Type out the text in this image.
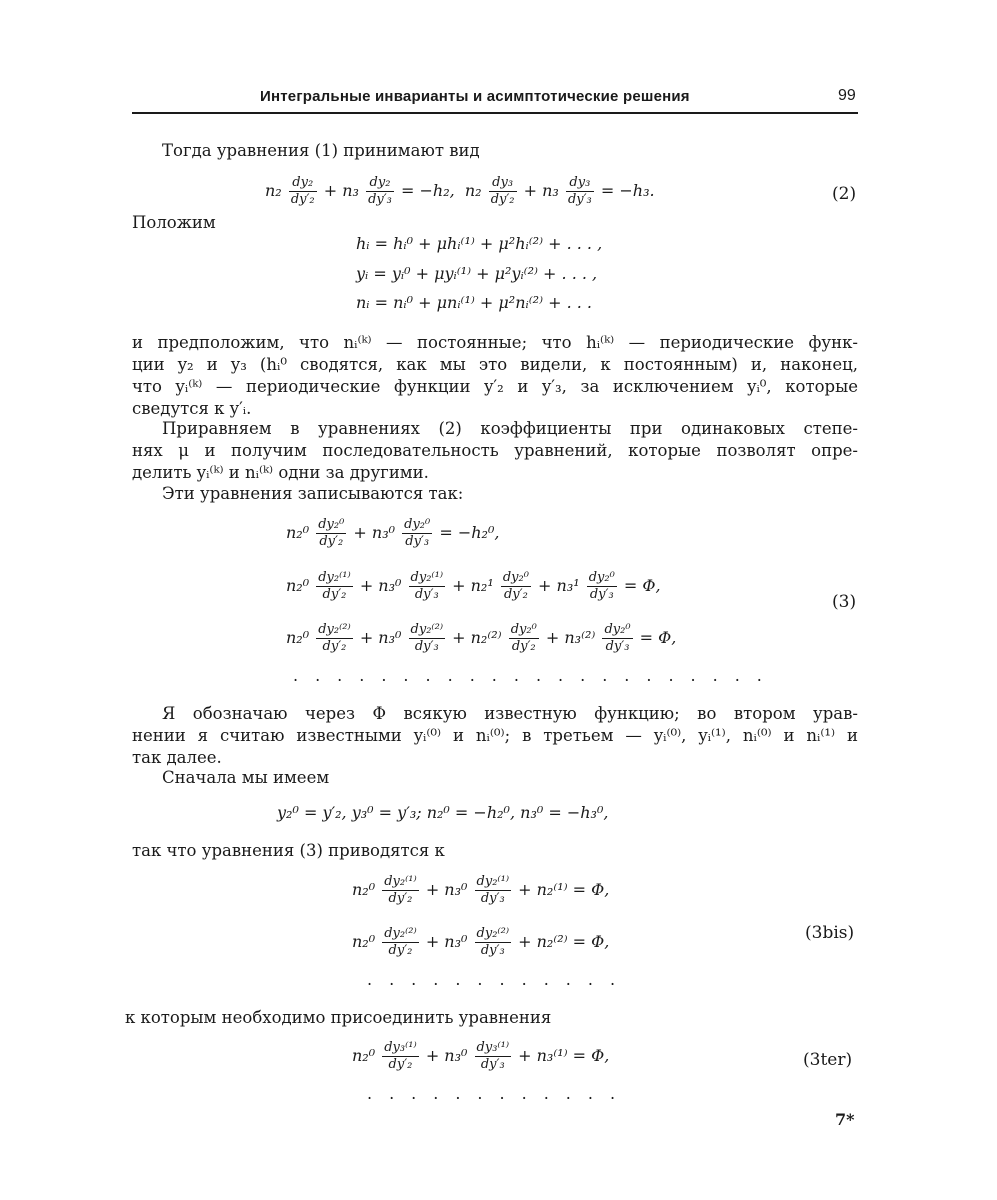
Интегральные инварианты и асимптотические решения	99
Тогда уравнения (1) принимают вид
$n_2 \frac{\text{dy₂}}{\text{dy′₂}} + n_3 \frac{\text{dy₂}}{\text{dy′₃}} = -h_2$, $n_2 \frac{\text{dy₃}}{\text{dy′₂}} + n_3 \frac{\text{dy₃}}{\text{dy′₃}} = -h_3$.	(2)
Положим
hᵢ = hᵢ⁰ + μhᵢ⁽¹⁾ + μ²hᵢ⁽²⁾ + . . . ,
yᵢ = yᵢ⁰ + μyᵢ⁽¹⁾ + μ²yᵢ⁽²⁾ + . . . ,
nᵢ = nᵢ⁰ + μnᵢ⁽¹⁾ + μ²nᵢ⁽²⁾ + . . .
и предположим, что nᵢ⁽ᵏ⁾ — постоянные; что hᵢ⁽ᵏ⁾ — периодические функ-
ции y₂ и y₃ (hᵢ⁰ сводятся, как мы это видели, к постоянным) и, наконец,
что yᵢ⁽ᵏ⁾ — периодические функции y′₂ и y′₃, за исключением yᵢ⁰, которые
сведутся к y′ᵢ.
Приравняем в уравнениях (2) коэффициенты при одинаковых степе-
нях μ и получим последовательность уравнений, которые позволят опре-
делить yᵢ⁽ᵏ⁾ и nᵢ⁽ᵏ⁾ одни за другими.
Эти уравнения записываются так:
$n_2^0 \frac{\text{dy₂⁰}}{\text{dy′₂}} + n_3^0 \frac{\text{dy₂⁰}}{\text{dy′₃}} = -h_2^0$,
$n_2^0 \frac{\text{dy₂⁽¹⁾}}{\text{dy′₂}} + n_3^0 \frac{\text{dy₂⁽¹⁾}}{\text{dy′₃}} + n_2^1 \frac{\text{dy₂⁰}}{\text{dy′₂}} + n_3^1 \frac{\text{dy₂⁰}}{\text{dy′₃}} = \Phi$,
$n_2^0 \frac{\text{dy₂⁽²⁾}}{\text{dy′₂}} + n_3^0 \frac{\text{dy₂⁽²⁾}}{\text{dy′₃}} + n_2^{(2)} \frac{\text{dy₂⁰}}{\text{dy′₂}} + n_3^{(2)} \frac{\text{dy₂⁰}}{\text{dy′₃}} = \Phi$,
......................
(3)
Я обозначаю через Φ всякую известную функцию; во втором урав-
нении я считаю известными yᵢ⁽⁰⁾ и nᵢ⁽⁰⁾; в третьем — yᵢ⁽⁰⁾, yᵢ⁽¹⁾, nᵢ⁽⁰⁾ и nᵢ⁽¹⁾ и
так далее.
Сначала мы имеем
y₂⁰ = y′₂, y₃⁰ = y′₃; n₂⁰ = −h₂⁰, n₃⁰ = −h₃⁰,
так что уравнения (3) приводятся к
$n_2^0 \frac{\text{dy₂⁽¹⁾}}{\text{dy′₂}} + n_3^0 \frac{\text{dy₂⁽¹⁾}}{\text{dy′₃}} + n_2^{(1)} = \Phi$,
$n_2^0 \frac{\text{dy₂⁽²⁾}}{\text{dy′₂}} + n_3^0 \frac{\text{dy₂⁽²⁾}}{\text{dy′₃}} + n_2^{(2)} = \Phi$,
............
(3bis)
к которым необходимо присоединить уравнения
$n_2^0 \frac{\text{dy₃⁽¹⁾}}{\text{dy′₂}} + n_3^0 \frac{\text{dy₃⁽¹⁾}}{\text{dy′₃}} + n_3^{(1)} = \Phi$,
............
(3ter)
7*
